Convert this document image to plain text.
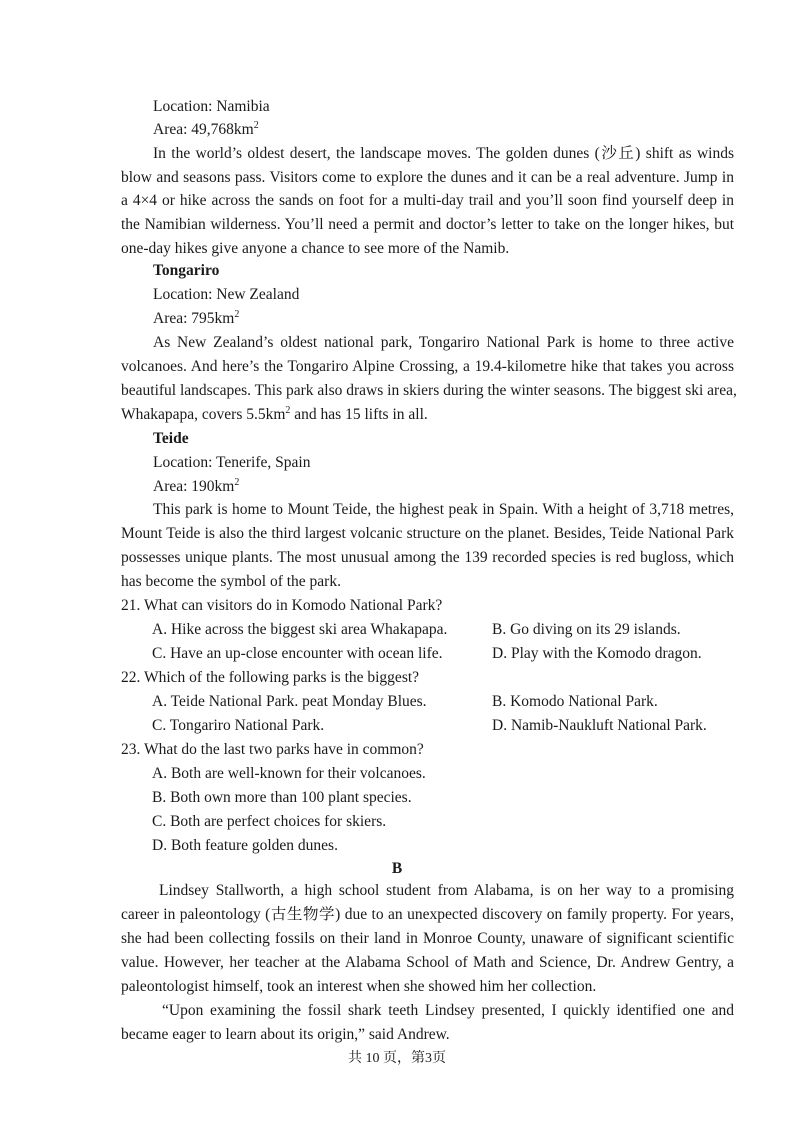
Location: Namibia
Area: $49,768km^2$
In the world’s oldest desert, the landscape moves. The golden dunes (沙丘) shift as winds
blow and seasons pass. Visitors come to explore the dunes and it can be a real adventure. Jump in
a 4×4 or hike across the sands on foot for a multi-day trail and you’ll soon find yourself deep in
the Namibian wilderness. You’ll need a permit and doctor’s letter to take on the longer hikes, but
one-day hikes give anyone a chance to see more of the Namib.
Tongariro
Location: New Zealand
Area: $795km^2$
As New Zealand’s oldest national park, Tongariro National Park is home to three active
volcanoes. And here’s the Tongariro Alpine Crossing, a 19.4-kilometre hike that takes you across
beautiful landscapes. This park also draws in skiers during the winter seasons. The biggest ski area,
Whakapapa, covers $5.5km^2$ and has 15 lifts in all.
Teide
Location: Tenerife, Spain
Area: $190km^2$
This park is home to Mount Teide, the highest peak in Spain. With a height of 3,718 metres,
Mount Teide is also the third largest volcanic structure on the planet. Besides, Teide National Park
possesses unique plants. The most unusual among the 139 recorded species is red bugloss, which
has become the symbol of the park.
21. What can visitors do in Komodo National Park?
A. Hike across the biggest ski area Whakapapa.	B. Go diving on its 29 islands.
C. Have an up-close encounter with ocean life.	D. Play with the Komodo dragon.
22. Which of the following parks is the biggest?
A. Teide National Park. peat Monday Blues.	B. Komodo National Park.
C. Tongariro National Park.	D. Namib-Naukluft National Park.
23. What do the last two parks have in common?
A. Both are well-known for their volcanoes.
B. Both own more than 100 plant species.
C. Both are perfect choices for skiers.
D. Both feature golden dunes.
B
Lindsey Stallworth, a high school student from Alabama, is on her way to a promising
career in paleontology (古生物学) due to an unexpected discovery on family property. For years,
she had been collecting fossils on their land in Monroe County, unaware of significant scientific
value. However, her teacher at the Alabama School of Math and Science, Dr. Andrew Gentry, a
paleontologist himself, took an interest when she showed him her collection.
“Upon examining the fossil shark teeth Lindsey presented, I quickly identified one and
became eager to learn about its origin,” said Andrew.
共 10 页，第3页
